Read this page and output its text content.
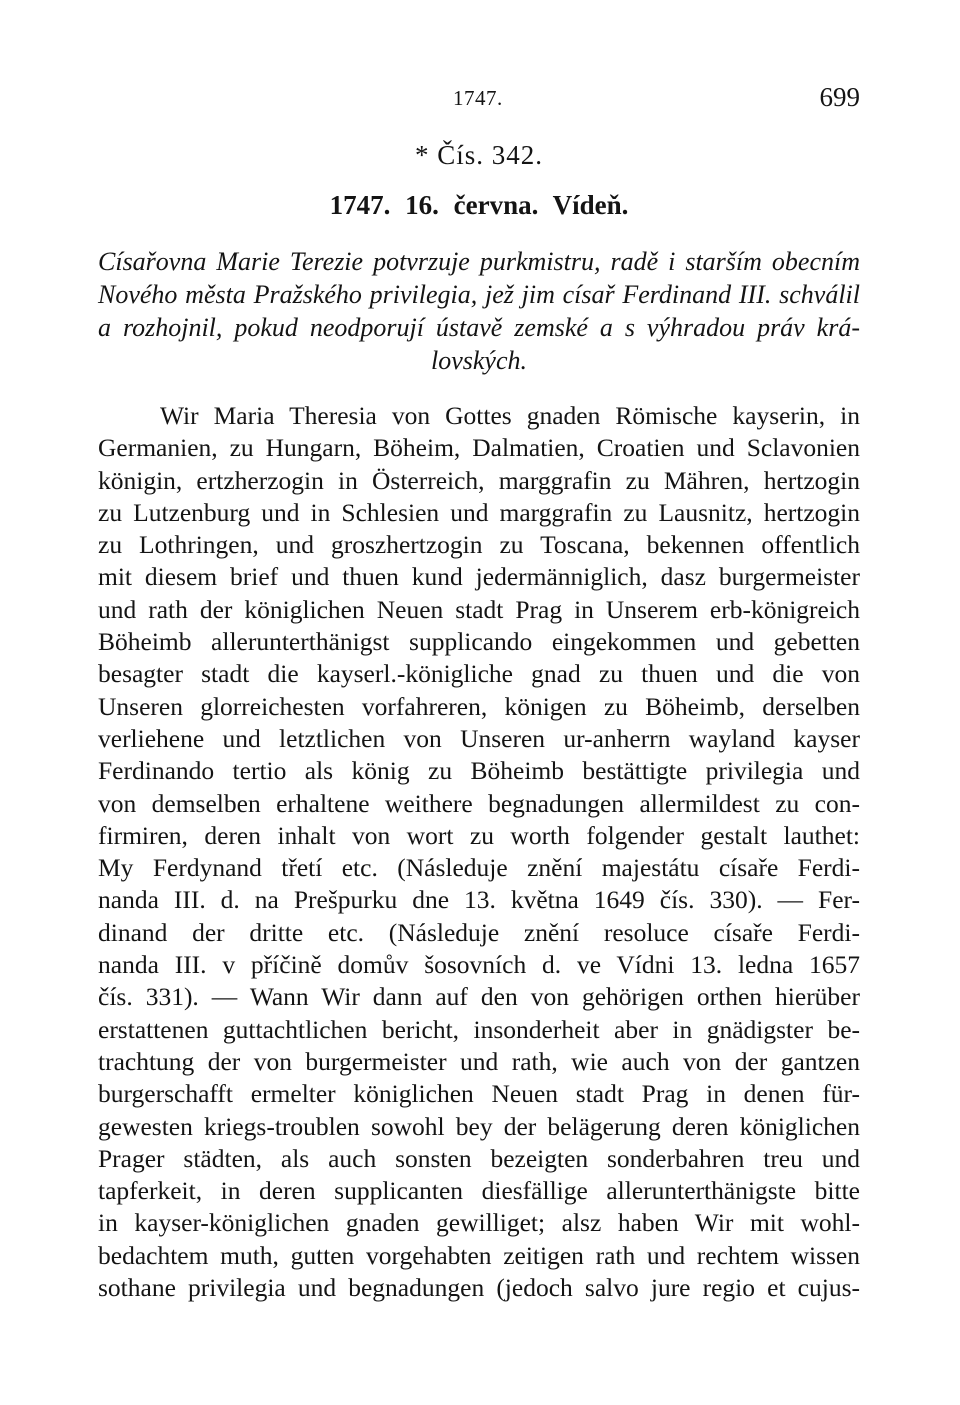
1747.	699
* Čís. 342.
1747. 16. června. Vídeň.
Císařovna Marie Terezie potvrzuje purkmistru, radě i starším obecním
Nového města Pražského privilegia, jež jim císař Ferdinand III. schválil
a rozhojnil, pokud neodporují ústavě zemské a s výhradou práv krá-
lovských.
Wir Maria Theresia von Gottes gnaden Römische kayserin, in
Germanien, zu Hungarn, Böheim, Dalmatien, Croatien und Sclavonien
königin, ertzherzogin in Österreich, marggrafin zu Mähren, hertzogin
zu Lutzenburg und in Schlesien und marggrafin zu Lausnitz, hertzogin
zu Lothringen, und groszhertzogin zu Toscana, bekennen offentlich
mit diesem brief und thuen kund jedermänniglich, dasz burgermeister
und rath der königlichen Neuen stadt Prag in Unserem erb-königreich
Böheimb allerunterthänigst supplicando eingekommen und gebetten
besagter stadt die kayserl.-königliche gnad zu thuen und die von
Unseren glorreichesten vorfahreren, königen zu Böheimb, derselben
verliehene und letztlichen von Unseren ur-anherrn wayland kayser
Ferdinando tertio als könig zu Böheimb bestättigte privilegia und
von demselben erhaltene weithere begnadungen allermildest zu con-
firmiren, deren inhalt von wort zu worth folgender gestalt lauthet:
My Ferdynand třetí etc. (Následuje znění majestátu císaře Ferdi-
nanda III. d. na Prešpurku dne 13. května 1649 čís. 330). — Fer-
dinand der dritte etc. (Následuje znění resoluce císaře Ferdi-
nanda III. v příčině domův šosovních d. ve Vídni 13. ledna 1657
čís. 331). — Wann Wir dann auf den von gehörigen orthen hierüber
erstattenen guttachtlichen bericht, insonderheit aber in gnädigster be-
trachtung der von burgermeister und rath, wie auch von der gantzen
burgerschafft ermelter königlichen Neuen stadt Prag in denen für-
gewesten kriegs-troublen sowohl bey der belägerung deren königlichen
Prager städten, als auch sonsten bezeigten sonderbahren treu und
tapferkeit, in deren supplicanten diesfällige allerunterthänigste bitte
in kayser-königlichen gnaden gewilliget; alsz haben Wir mit wohl-
bedachtem muth, gutten vorgehabten zeitigen rath und rechtem wissen
sothane privilegia und begnadungen (jedoch salvo jure regio et cujus-
